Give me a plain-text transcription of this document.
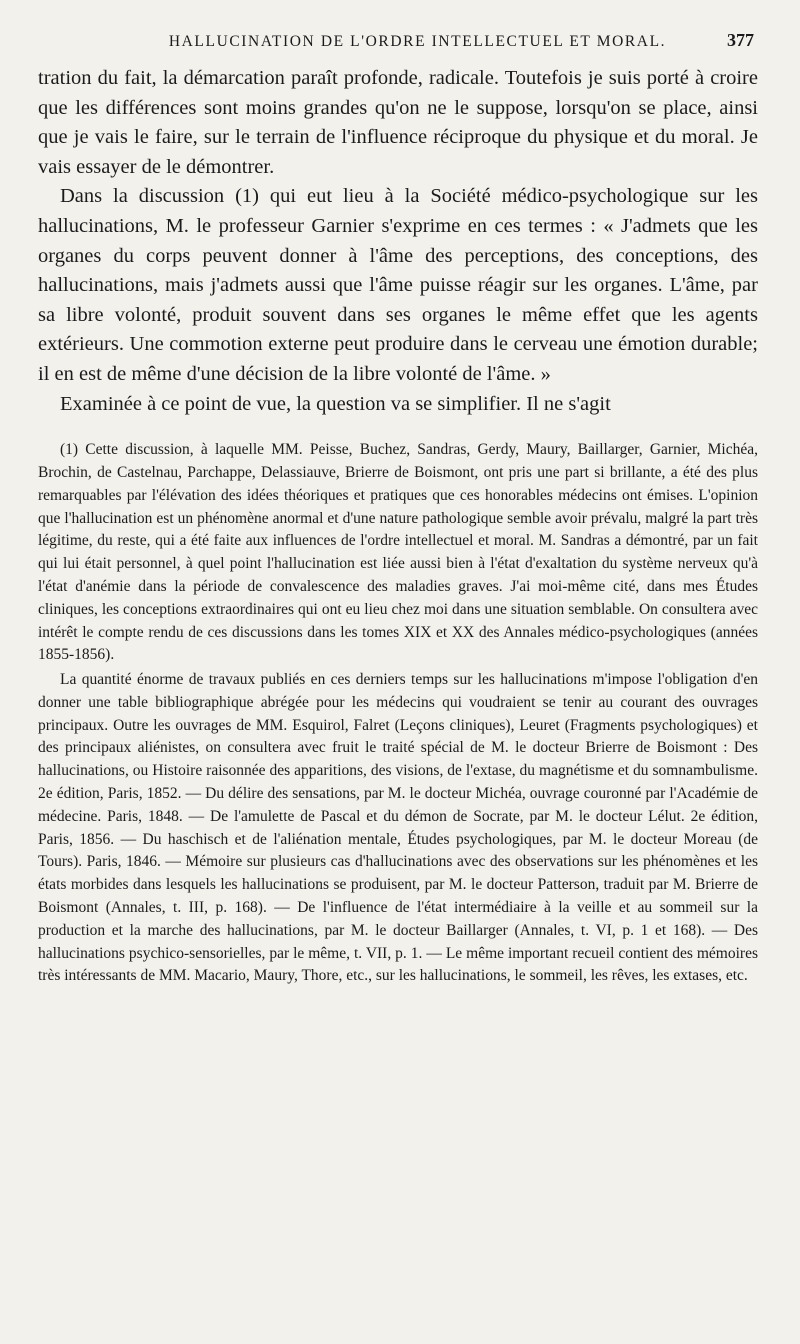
HALLUCINATION DE L'ORDRE INTELLECTUEL ET MORAL.	377

tration du fait, la démarcation paraît profonde, radicale. Toutefois je suis porté à croire que les différences sont moins grandes qu'on ne le suppose, lorsqu'on se place, ainsi que je vais le faire, sur le terrain de l'influence réciproque du physique et du moral. Je vais essayer de le démontrer.

Dans la discussion (1) qui eut lieu à la Société médico-psychologique sur les hallucinations, M. le professeur Garnier s'exprime en ces termes : « J'admets que les organes du corps peuvent donner à l'âme des perceptions, des conceptions, des hallucinations, mais j'admets aussi que l'âme puisse réagir sur les organes. L'âme, par sa libre volonté, produit souvent dans ses organes le même effet que les agents extérieurs. Une commotion externe peut produire dans le cerveau une émotion durable; il en est de même d'une décision de la libre volonté de l'âme. »

Examinée à ce point de vue, la question va se simplifier. Il ne s'agit

(1) Cette discussion, à laquelle MM. Peisse, Buchez, Sandras, Gerdy, Maury, Baillarger, Garnier, Michéa, Brochin, de Castelnau, Parchappe, Delassiauve, Brierre de Boismont, ont pris une part si brillante, a été des plus remarquables par l'élévation des idées théoriques et pratiques que ces honorables médecins ont émises. L'opinion que l'hallucination est un phénomène anormal et d'une nature pathologique semble avoir prévalu, malgré la part très légitime, du reste, qui a été faite aux influences de l'ordre intellectuel et moral. M. Sandras a démontré, par un fait qui lui était personnel, à quel point l'hallucination est liée aussi bien à l'état d'exaltation du système nerveux qu'à l'état d'anémie dans la période de convalescence des maladies graves. J'ai moi-même cité, dans mes Études cliniques, les conceptions extraordinaires qui ont eu lieu chez moi dans une situation semblable. On consultera avec intérêt le compte rendu de ces discussions dans les tomes XIX et XX des Annales médico-psychologiques (années 1855-1856).

La quantité énorme de travaux publiés en ces derniers temps sur les hallucinations m'impose l'obligation d'en donner une table bibliographique abrégée pour les médecins qui voudraient se tenir au courant des ouvrages principaux. Outre les ouvrages de MM. Esquirol, Falret (Leçons cliniques), Leuret (Fragments psychologiques) et des principaux aliénistes, on consultera avec fruit le traité spécial de M. le docteur Brierre de Boismont : Des hallucinations, ou Histoire raisonnée des apparitions, des visions, de l'extase, du magnétisme et du somnambulisme. 2e édition, Paris, 1852. — Du délire des sensations, par M. le docteur Michéa, ouvrage couronné par l'Académie de médecine. Paris, 1848. — De l'amulette de Pascal et du démon de Socrate, par M. le docteur Lélut. 2e édition, Paris, 1856. — Du haschisch et de l'aliénation mentale, Études psychologiques, par M. le docteur Moreau (de Tours). Paris, 1846. — Mémoire sur plusieurs cas d'hallucinations avec des observations sur les phénomènes et les états morbides dans lesquels les hallucinations se produisent, par M. le docteur Patterson, traduit par M. Brierre de Boismont (Annales, t. III, p. 168). — De l'influence de l'état intermédiaire à la veille et au sommeil sur la production et la marche des hallucinations, par M. le docteur Baillarger (Annales, t. VI, p. 1 et 168). — Des hallucinations psychico-sensorielles, par le même, t. VII, p. 1. — Le même important recueil contient des mémoires très intéressants de MM. Macario, Maury, Thore, etc., sur les hallucinations, le sommeil, les rêves, les extases, etc.
